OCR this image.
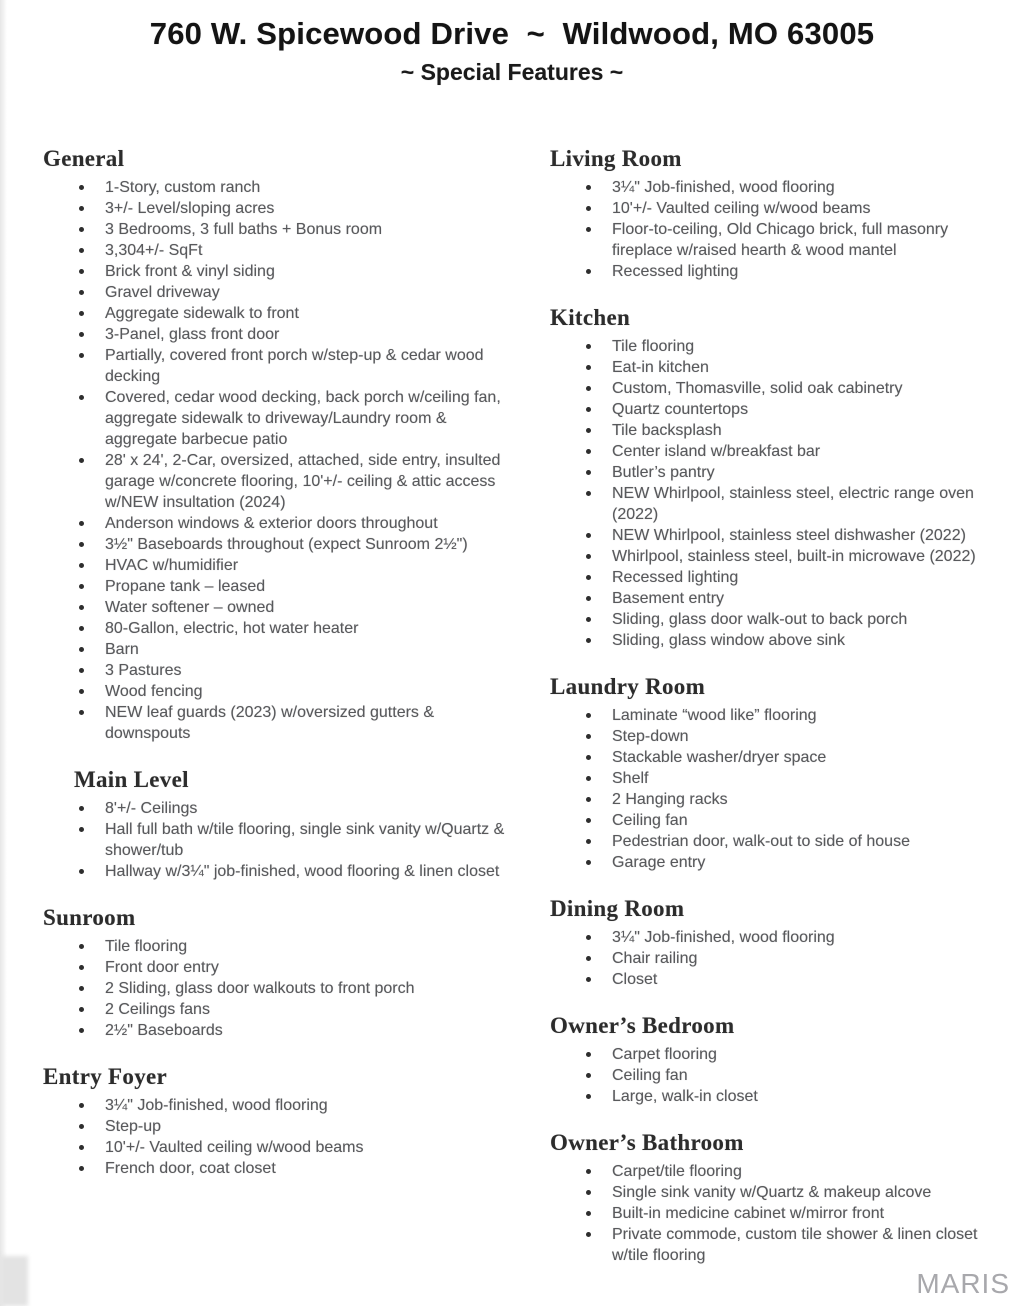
760 W. Spicewood Drive  ~  Wildwood, MO 63005
~ Special Features ~
General
1-Story, custom ranch
3+/- Level/sloping acres
3 Bedrooms, 3 full baths + Bonus room
3,304+/- SqFt
Brick front & vinyl siding
Gravel driveway
Aggregate sidewalk to front
3-Panel, glass front door
Partially, covered front porch w/step-up & cedar wood decking
Covered, cedar wood decking, back porch w/ceiling fan, aggregate sidewalk to driveway/Laundry room & aggregate barbecue patio
28' x 24', 2-Car, oversized, attached, side entry, insulted garage w/concrete flooring, 10'+/- ceiling & attic access w/NEW insultation (2024)
Anderson windows & exterior doors throughout
3½" Baseboards throughout (expect Sunroom 2½")
HVAC w/humidifier
Propane tank – leased
Water softener – owned
80-Gallon, electric, hot water heater
Barn
3 Pastures
Wood fencing
NEW leaf guards (2023) w/oversized gutters & downspouts
Main Level
8'+/- Ceilings
Hall full bath w/tile flooring, single sink vanity w/Quartz & shower/tub
Hallway w/3¼" job-finished, wood flooring & linen closet
Sunroom
Tile flooring
Front door entry
2 Sliding, glass door walkouts to front porch
2 Ceilings fans
2½" Baseboards
Entry Foyer
3¼" Job-finished, wood flooring
Step-up
10'+/- Vaulted ceiling w/wood beams
French door, coat closet
Living Room
3¼" Job-finished, wood flooring
10'+/- Vaulted ceiling w/wood beams
Floor-to-ceiling, Old Chicago brick, full masonry fireplace w/raised hearth & wood mantel
Recessed lighting
Kitchen
Tile flooring
Eat-in kitchen
Custom, Thomasville, solid oak cabinetry
Quartz countertops
Tile backsplash
Center island w/breakfast bar
Butler’s pantry
NEW Whirlpool, stainless steel, electric range oven (2022)
NEW Whirlpool, stainless steel dishwasher (2022)
Whirlpool, stainless steel, built-in microwave (2022)
Recessed lighting
Basement entry
Sliding, glass door walk-out to back porch
Sliding, glass window above sink
Laundry Room
Laminate “wood like” flooring
Step-down
Stackable washer/dryer space
Shelf
2 Hanging racks
Ceiling fan
Pedestrian door, walk-out to side of house
Garage entry
Dining Room
3¼" Job-finished, wood flooring
Chair railing
Closet
Owner’s Bedroom
Carpet flooring
Ceiling fan
Large, walk-in closet
Owner’s Bathroom
Carpet/tile flooring
Single sink vanity w/Quartz & makeup alcove
Built-in medicine cabinet w/mirror front
Private commode, custom tile shower & linen closet w/tile flooring
MARIS
